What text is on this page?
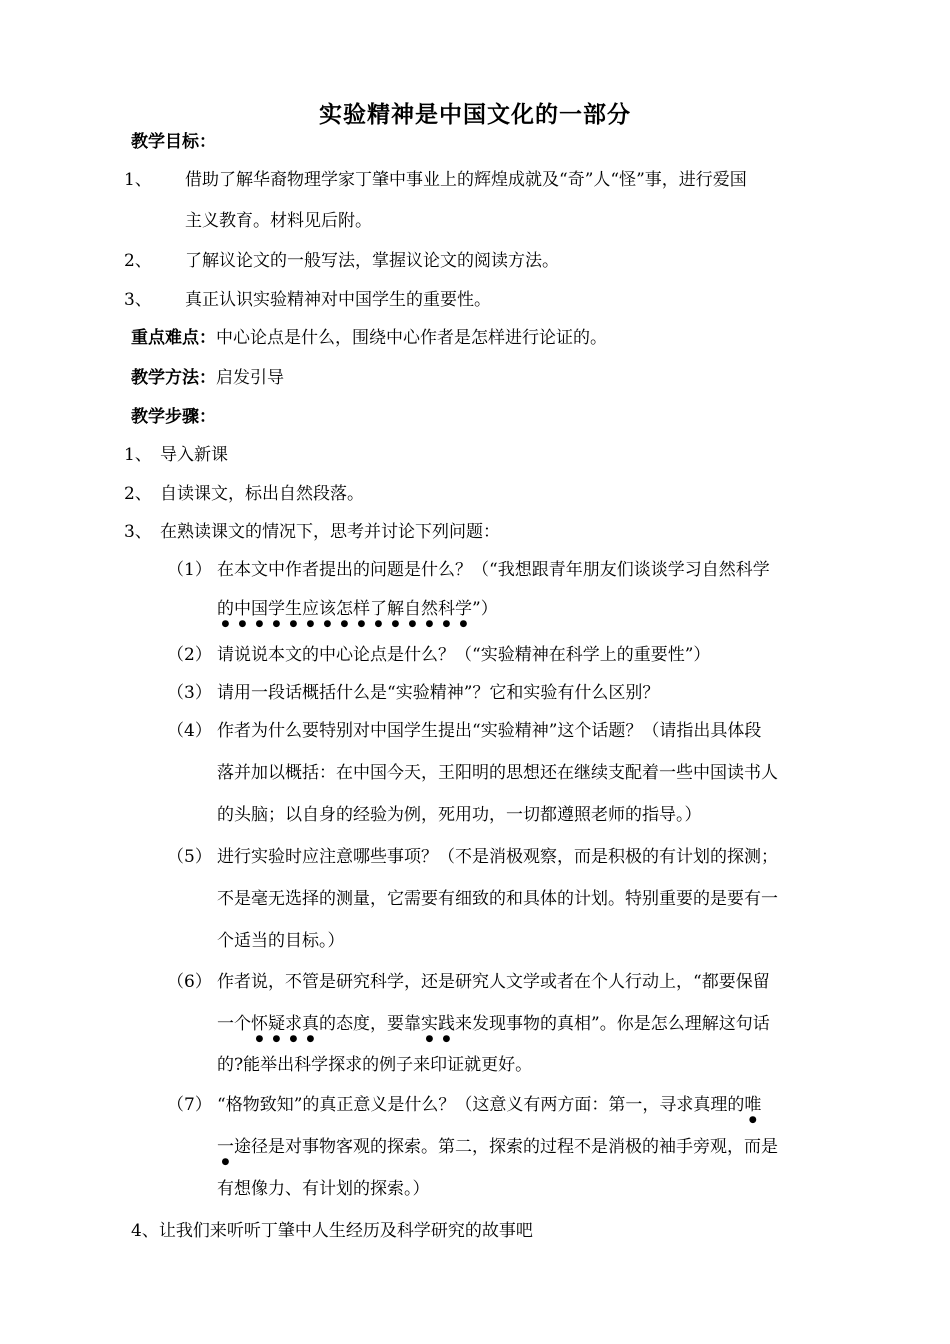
实验精神是中国文化的一部分
教学目标：
1、 借助了解华裔物理学家丁肇中事业上的辉煌成就及“奇”人“怪”事，进行爱国
主义教育。材料见后附。
2、 了解议论文的一般写法，掌握议论文的阅读方法。
3、 真正认识实验精神对中国学生的重要性。
重点难点：中心论点是什么，围绕中心作者是怎样进行论证的。
教学方法：启发引导
教学步骤：
1、 导入新课
2、 自读课文，标出自然段落。
3、 在熟读课文的情况下，思考并讨论下列问题：
（1） 在本文中作者提出的问题是什么？（“我想跟青年朋友们谈谈学习自然科学
的中国学生应该怎样了解自然科学”）
（2） 请说说本文的中心论点是什么？（“实验精神在科学上的重要性”）
（3） 请用一段话概括什么是“实验精神”？它和实验有什么区别？
（4） 作者为什么要特别对中国学生提出“实验精神”这个话题？（请指出具体段
落并加以概括：在中国今天，王阳明的思想还在继续支配着一些中国读书人
的头脑；以自身的经验为例，死用功，一切都遵照老师的指导。）
（5） 进行实验时应注意哪些事项？（不是消极观察，而是积极的有计划的探测；
不是毫无选择的测量，它需要有细致的和具体的计划。特别重要的是要有一
个适当的目标。）
（6） 作者说，不管是研究科学，还是研究人文学或者在个人行动上，“都要保留
一个怀疑求真的态度，要靠实践来发现事物的真相”。你是怎么理解这句话
的?能举出科学探求的例子来印证就更好。
（7） “格物致知”的真正意义是什么？（这意义有两方面：第一，寻求真理的唯
一途径是对事物客观的探索。第二，探索的过程不是消极的袖手旁观，而是
有想像力、有计划的探索。）
4、让我们来听听丁肇中人生经历及科学研究的故事吧
